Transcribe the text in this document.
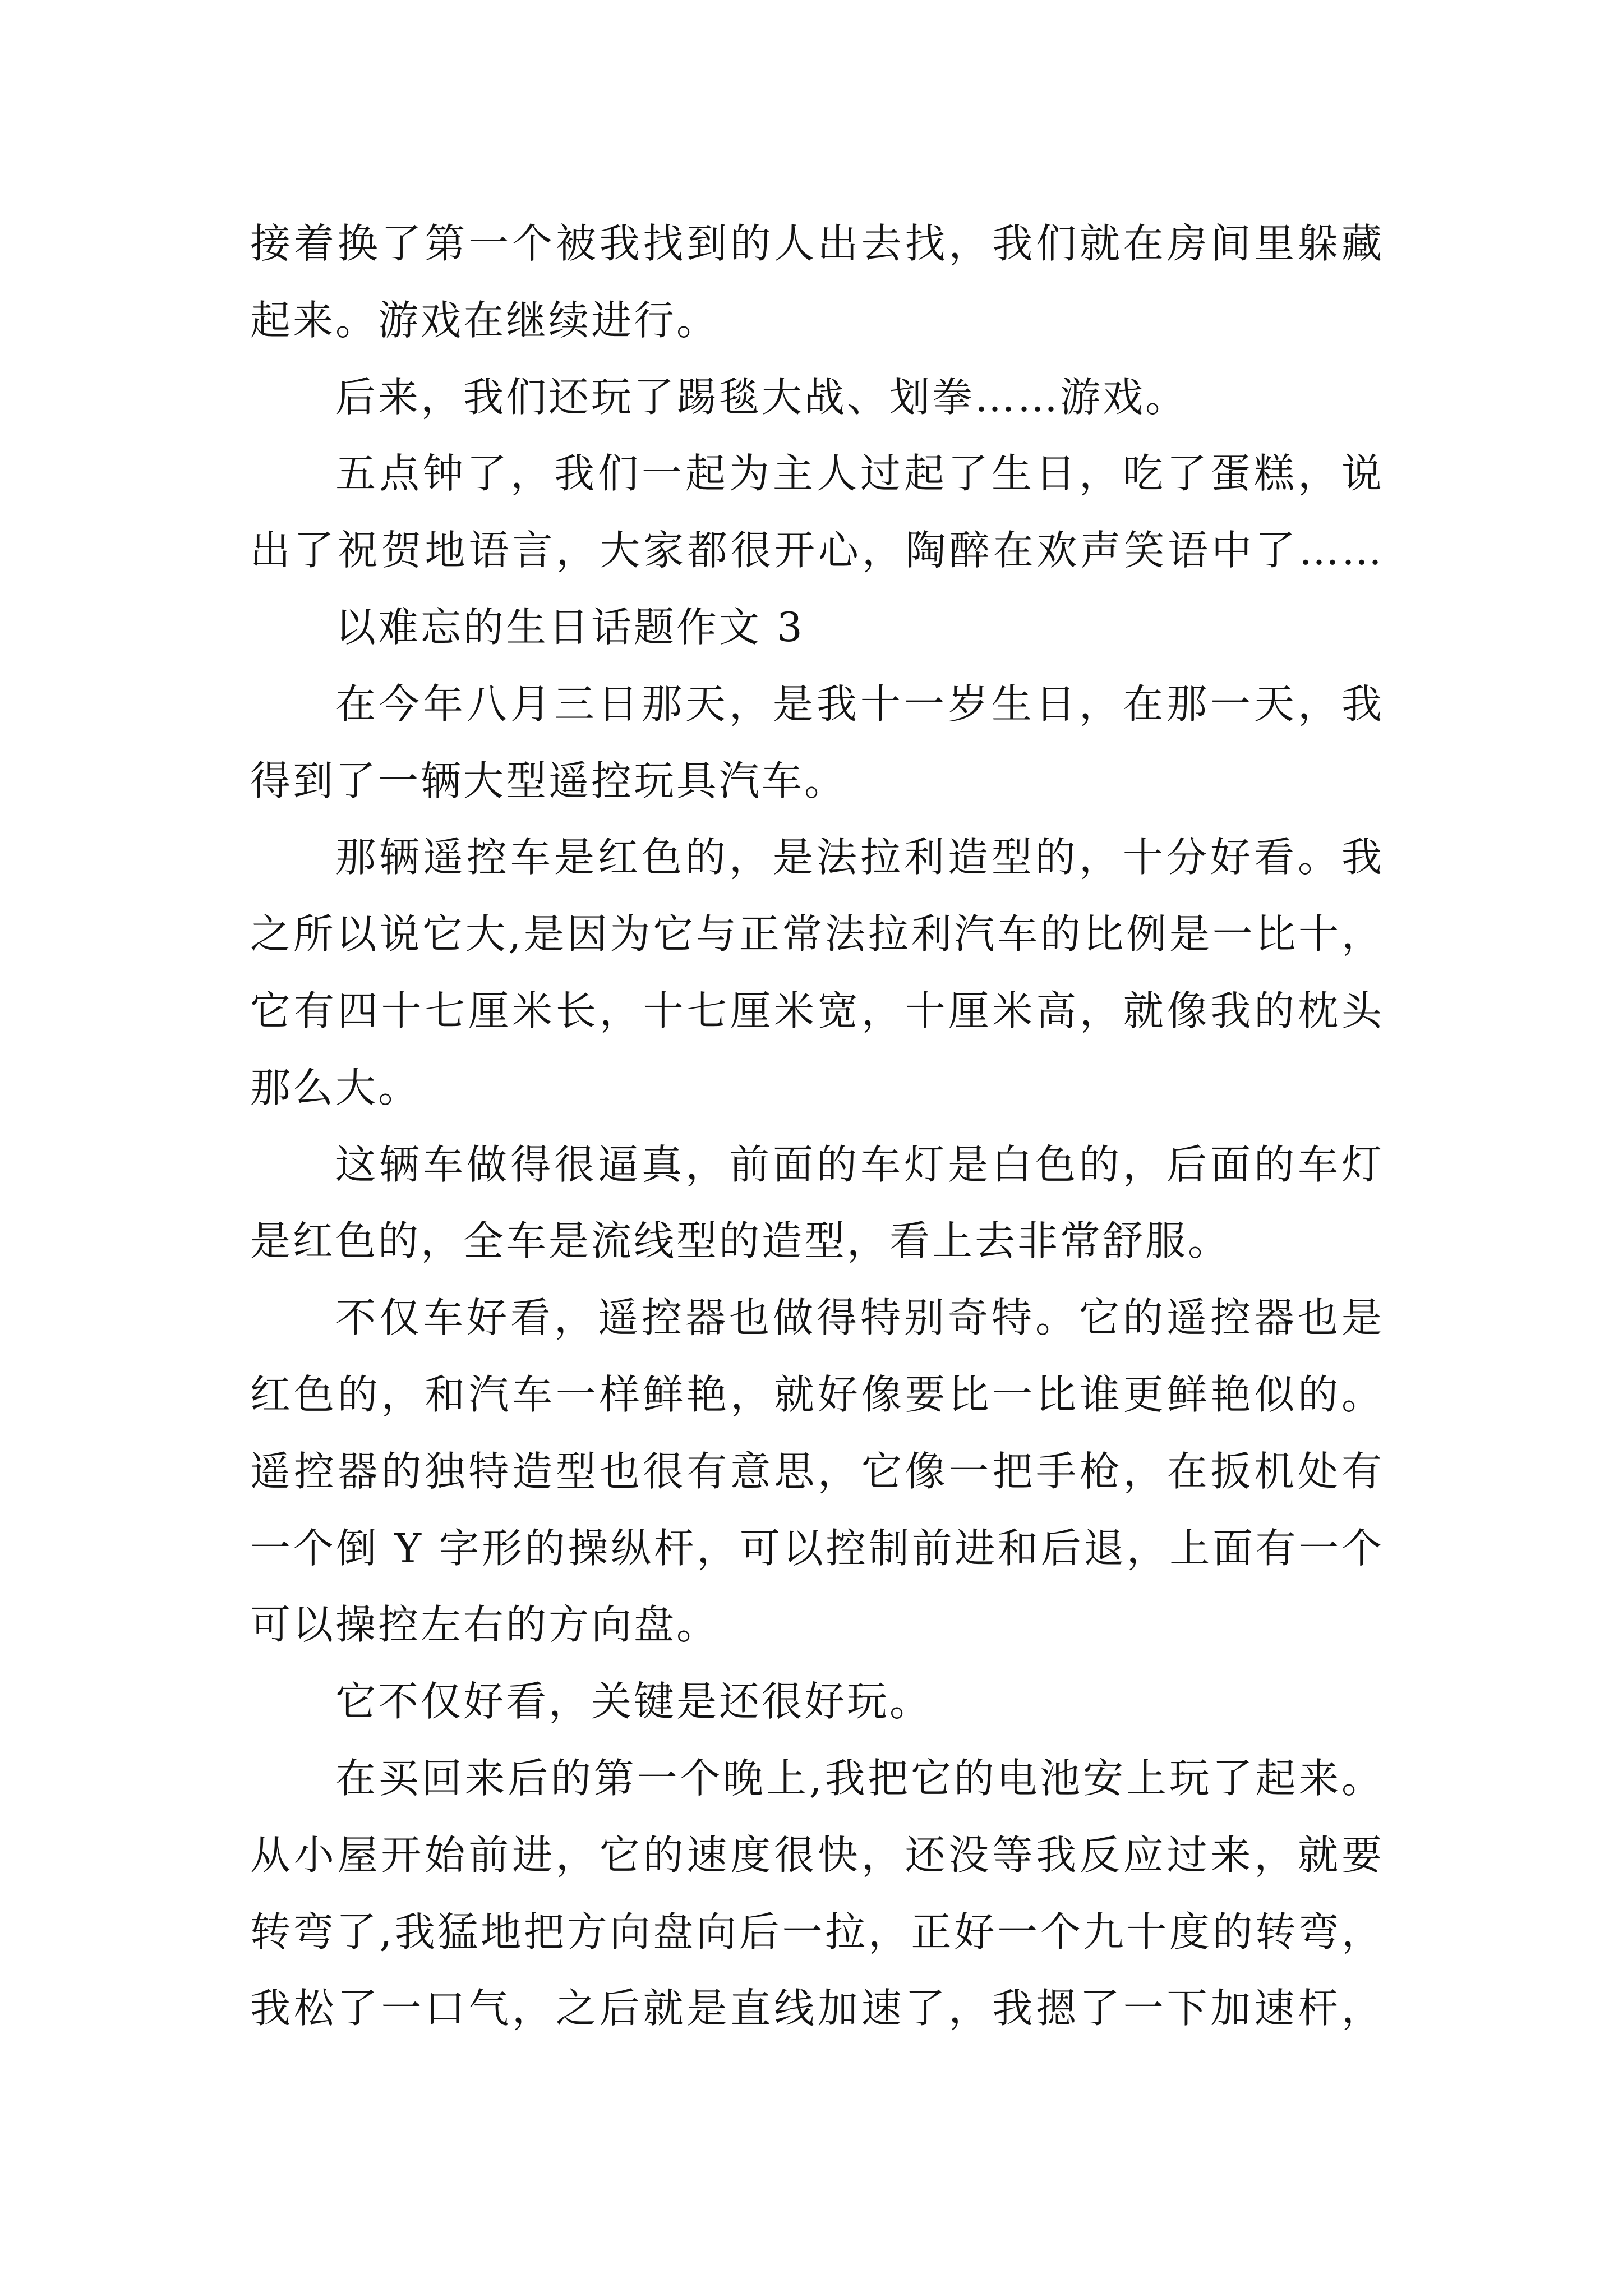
接着换了第一个被我找到的人出去找，我们就在房间里躲藏
起来。游戏在继续进行。
后来，我们还玩了踢毯大战、划拳……游戏。
五点钟了，我们一起为主人过起了生日，吃了蛋糕，说
出了祝贺地语言，大家都很开心，陶醉在欢声笑语中了……
以难忘的生日话题作文 3
在今年八月三日那天，是我十一岁生日，在那一天，我
得到了一辆大型遥控玩具汽车。
那辆遥控车是红色的，是法拉利造型的，十分好看。我
之所以说它大,是因为它与正常法拉利汽车的比例是一比十，
它有四十七厘米长，十七厘米宽，十厘米高，就像我的枕头
那么大。
这辆车做得很逼真，前面的车灯是白色的，后面的车灯
是红色的，全车是流线型的造型，看上去非常舒服。
不仅车好看，遥控器也做得特别奇特。它的遥控器也是
红色的，和汽车一样鲜艳，就好像要比一比谁更鲜艳似的。
遥控器的独特造型也很有意思，它像一把手枪，在扳机处有
一个倒 Y 字形的操纵杆，可以控制前进和后退，上面有一个
可以操控左右的方向盘。
它不仅好看，关键是还很好玩。
在买回来后的第一个晚上,我把它的电池安上玩了起来。
从小屋开始前进，它的速度很快，还没等我反应过来，就要
转弯了,我猛地把方向盘向后一拉，正好一个九十度的转弯，
我松了一口气，之后就是直线加速了，我摁了一下加速杆，
